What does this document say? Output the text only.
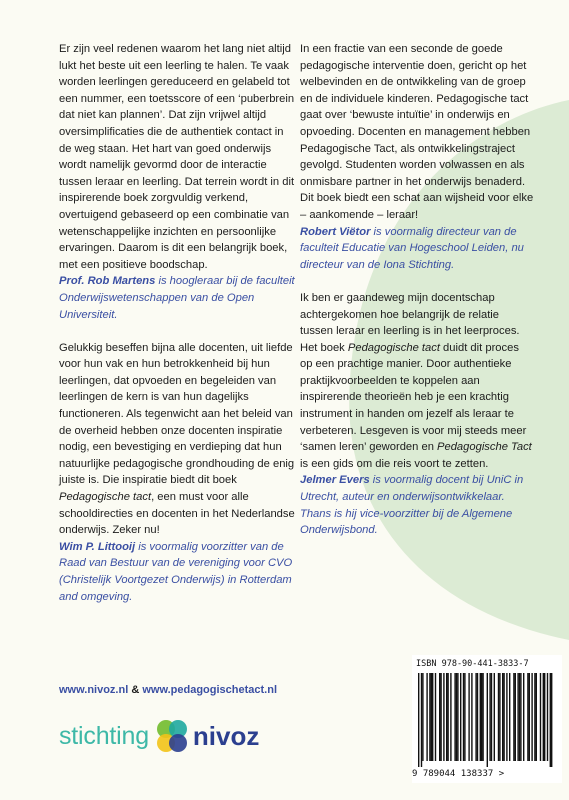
Er zijn veel redenen waarom het lang niet altijd lukt het beste uit een leerling te halen. Te vaak worden leerlingen gereduceerd en gelabeld tot een nummer, een toetsscore of een ‘puberbrein dat niet kan plannen’. Dat zijn vrijwel altijd oversimplificaties die de authentiek contact in de weg staan. Het hart van goed onderwijs wordt namelijk gevormd door de interactie tussen leraar en leerling. Dat terrein wordt in dit inspirerende boek zorgvuldig verkend, overtuigend gebaseerd op een combinatie van wetenschappelijke inzichten en persoonlijke ervaringen. Daarom is dit een belangrijk boek, met een positieve boodschap.

Prof. Rob Martens is hoogleraar bij de faculteit Onderwijswetenschappen van de Open Universiteit.

Gelukkig beseffen bijna alle docenten, uit liefde voor hun vak en hun betrokkenheid bij hun leerlingen, dat opvoeden en begeleiden van leerlingen de kern is van hun dagelijks functioneren. Als tegenwicht aan het beleid van de overheid hebben onze docenten inspiratie nodig, een bevestiging en verdieping dat hun natuurlijke pedagogische grondhouding de enig juiste is. Die inspiratie biedt dit boek Pedagogische tact, een must voor alle schooldirecties en docenten in het Nederlandse onderwijs. Zeker nu!

Wim P. Littooij is voormalig voorzitter van de Raad van Bestuur van de vereniging voor CVO (Christelijk Voortgezet Onderwijs) in Rotterdam and omgeving.

In een fractie van een seconde de goede pedagogische interventie doen, gericht op het welbevinden en de ontwikkeling van de groep en de individuele kinderen. Pedagogische tact gaat over ‘bewuste intuïtie’ in onderwijs en opvoeding. Docenten en management hebben Pedagogische Tact, als ontwikkelingstraject gevolgd. Studenten worden volwassen en als onmisbare partner in het onderwijs benaderd.

Dit boek biedt een schat aan wijsheid voor elke – aankomende – leraar!

Robert Viëtor is voormalig directeur van de faculteit Educatie van Hogeschool Leiden, nu directeur van de Iona Stichting.

Ik ben er gaandeweg mijn docentschap achtergekomen hoe belangrijk de relatie tussen leraar en leerling is in het leerproces. Het boek Pedagogische tact duidt dit proces op een prachtige manier. Door authentieke praktijkvoorbeelden te koppelen aan inspirerende theorieën heb je een krachtig instrument in handen om jezelf als leraar te verbeteren. Lesgeven is voor mij steeds meer ‘samen leren’ geworden en Pedagogische Tact is een gids om die reis voort te zetten.

Jelmer Evers is voormalig docent bij UniC in Utrecht, auteur en onderwijsontwikkelaar. Thans is hij vice-voorzitter bij de Algemene Onderwijsbond.

www.nivoz.nl & www.pedagogischetact.nl
stichting nivoz
ISBN 978-90-441-3833-7
9 789044 138337 >
